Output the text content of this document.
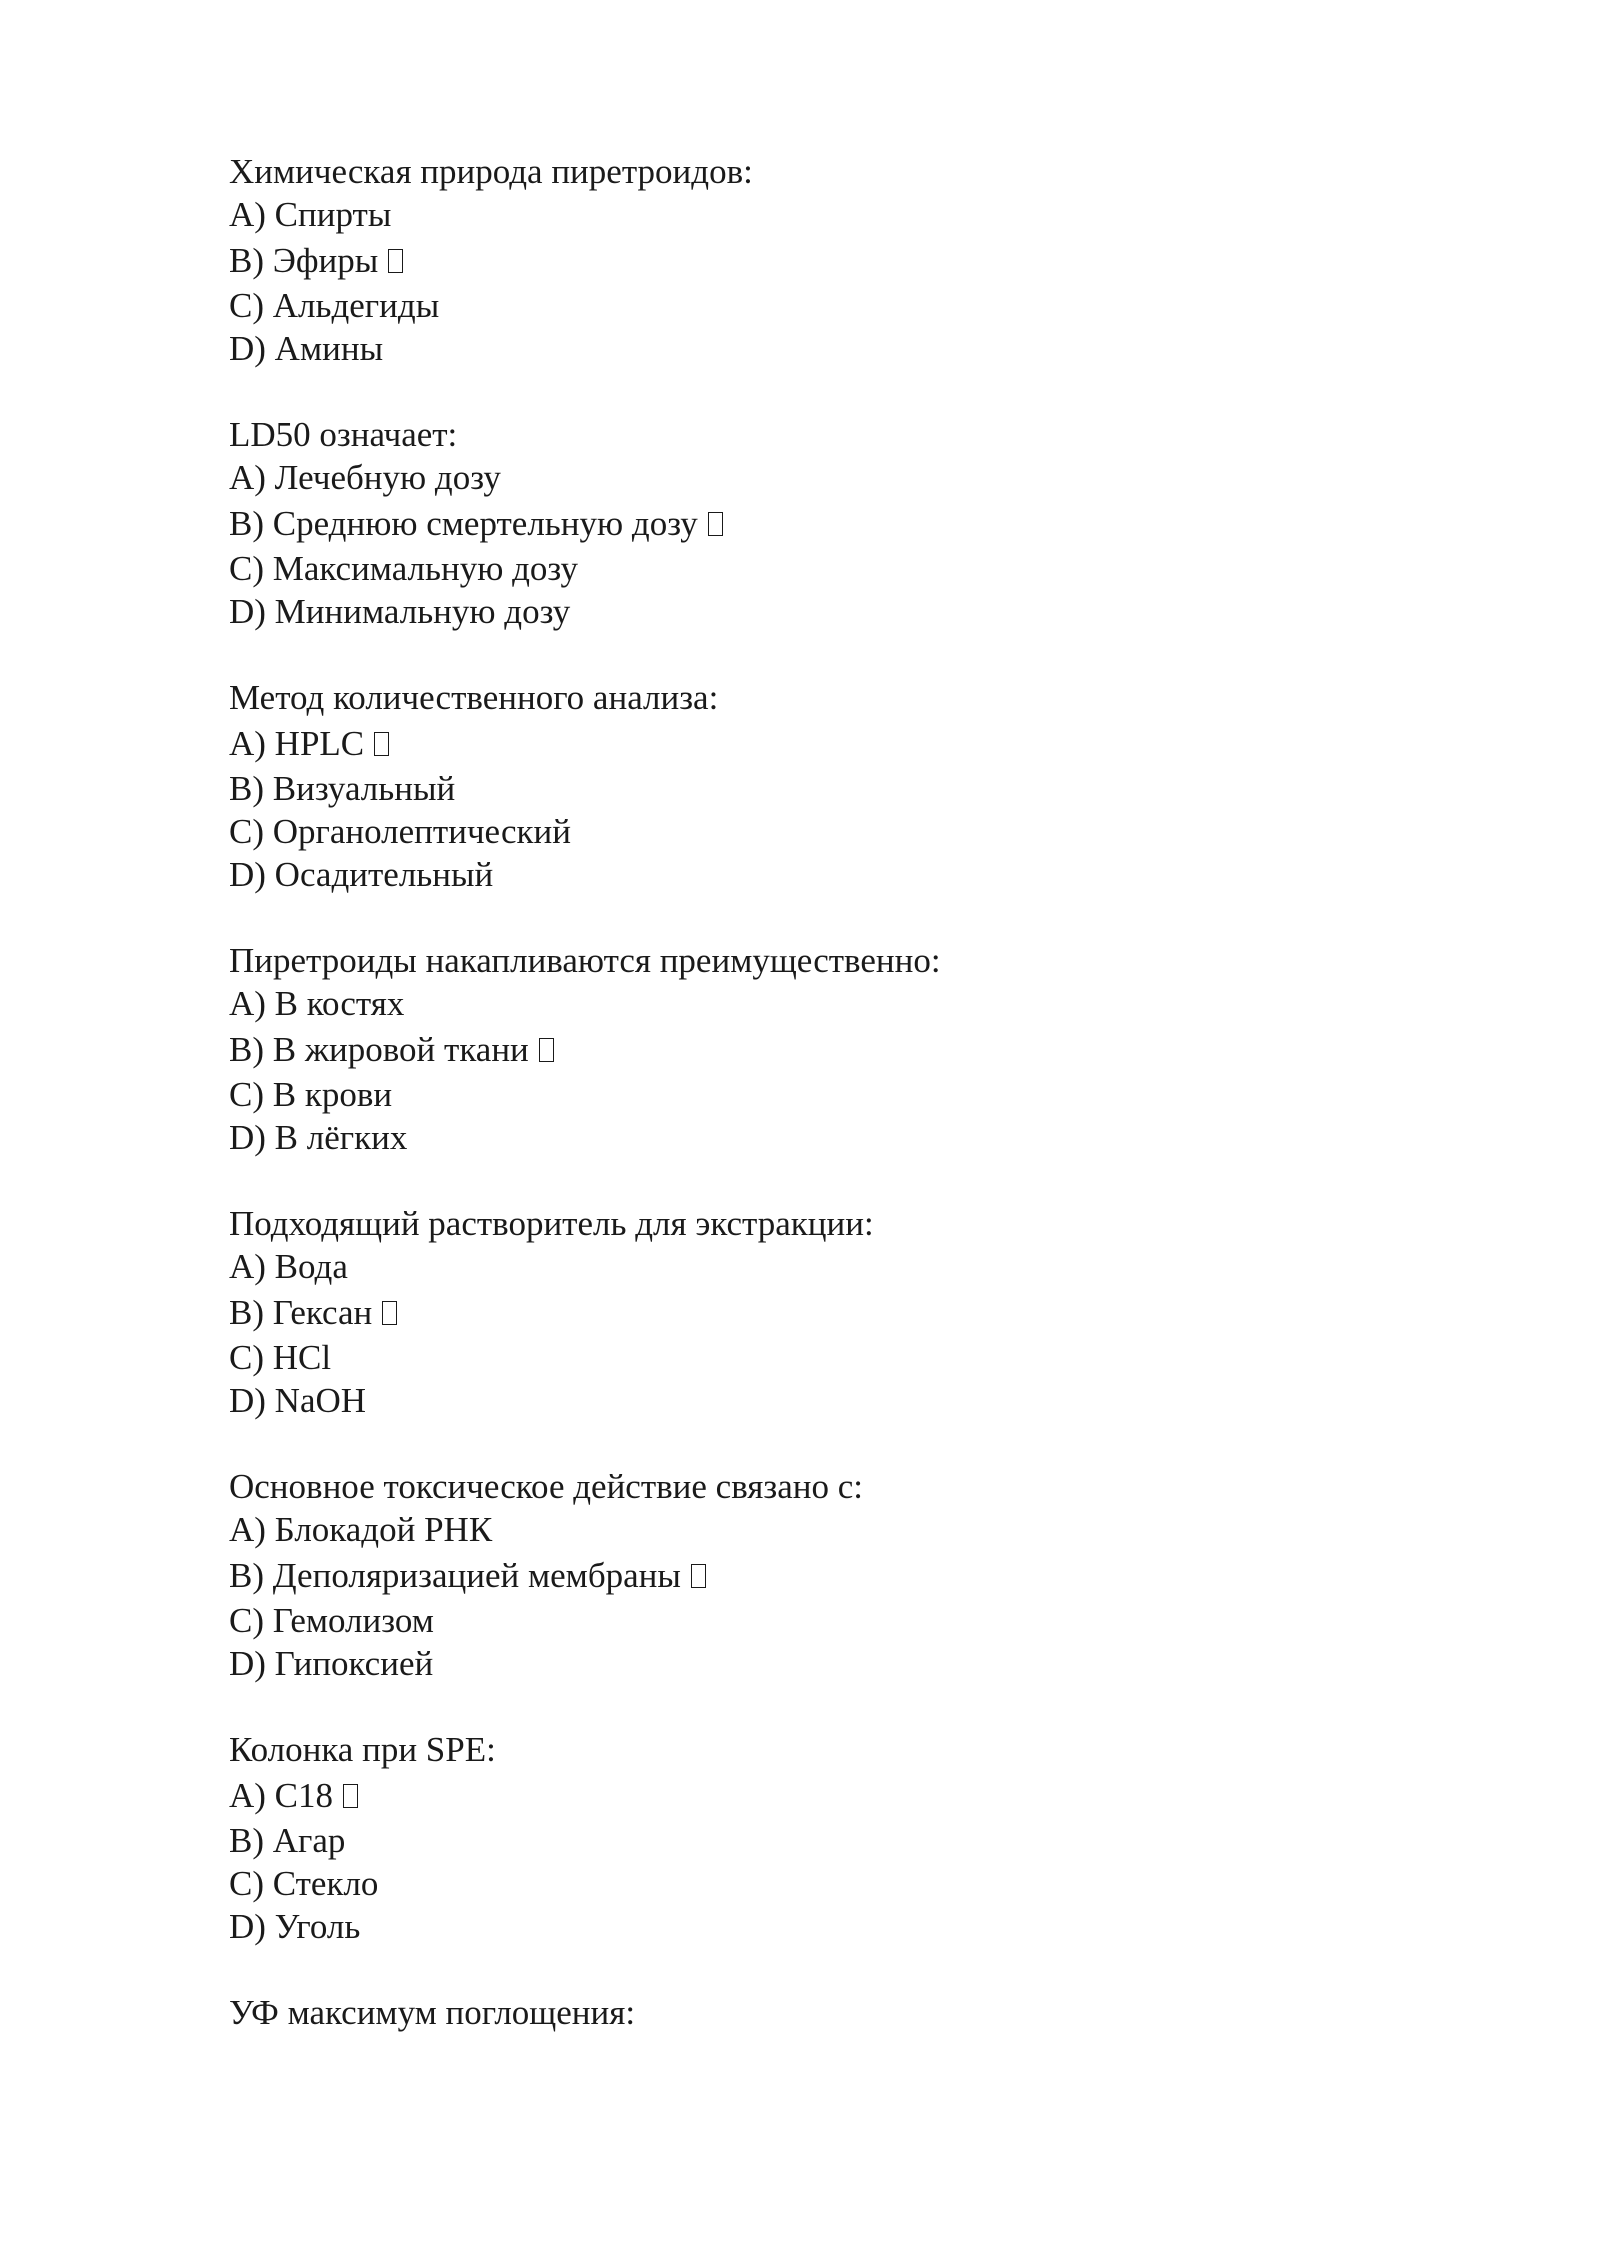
Химическая природа пиретроидов:
A) Спирты
B) Эфиры
C) Альдегиды
D) Амины
LD50 означает:
A) Лечебную дозу
B) Среднюю смертельную дозу
C) Максимальную дозу
D) Минимальную дозу
Метод количественного анализа:
A) HPLC
B) Визуальный
C) Органолептический
D) Осадительный
Пиретроиды накапливаются преимущественно:
A) В костях
B) В жировой ткани
C) В крови
D) В лёгких
Подходящий растворитель для экстракции:
A) Вода
B) Гексан
C) HCl
D) NaOH
Основное токсическое действие связано с:
A) Блокадой РНК
B) Деполяризацией мембраны
C) Гемолизом
D) Гипоксией
Колонка при SPE:
A) C18
B) Агар
C) Стекло
D) Уголь
УФ максимум поглощения:
